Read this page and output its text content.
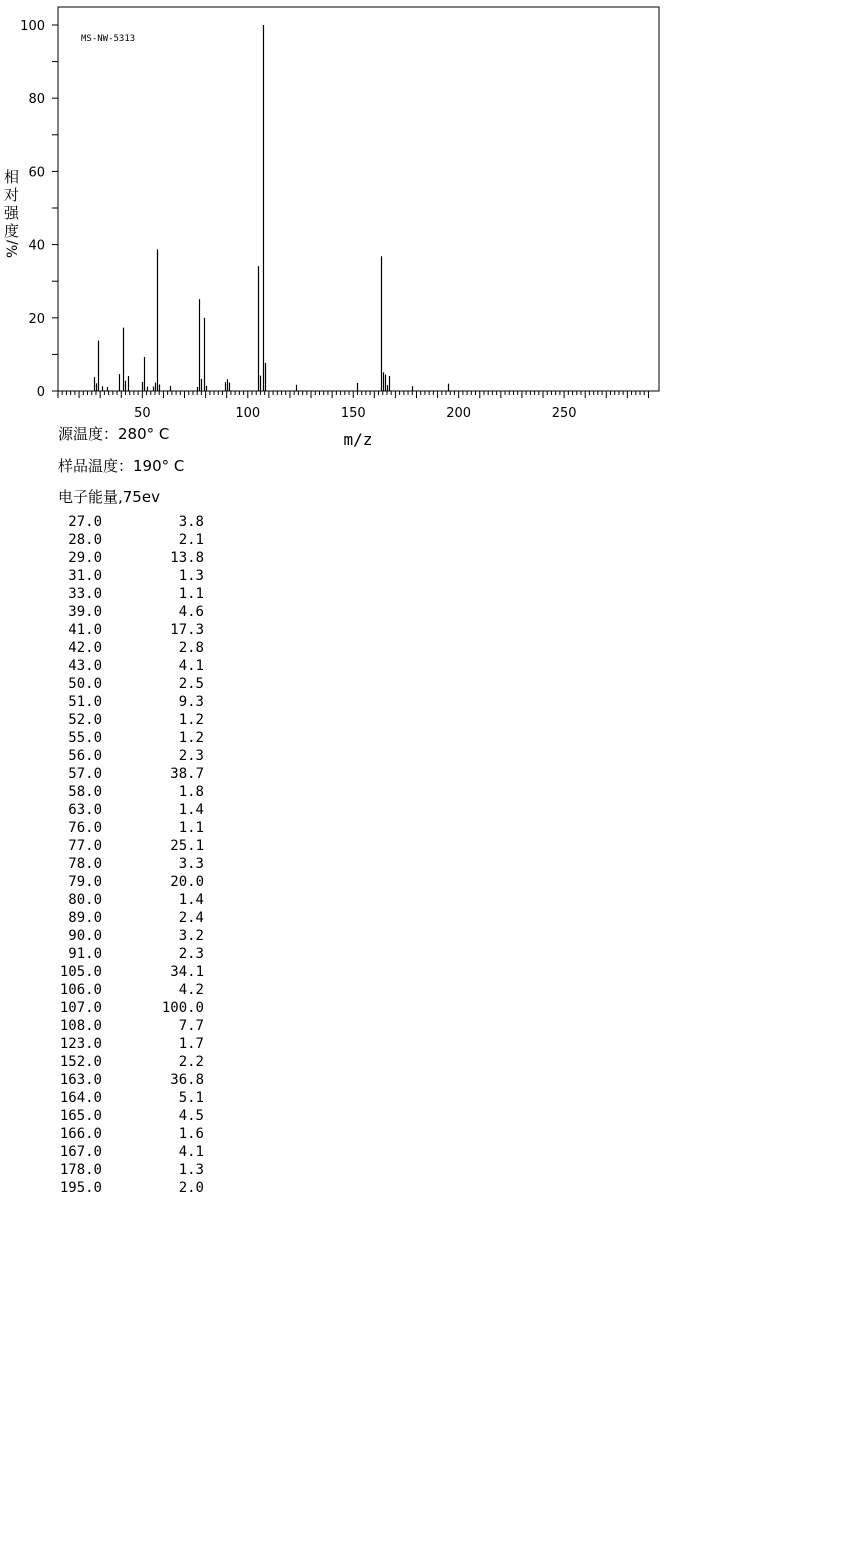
0
20
40
60
80
100
50	100	150	200	250
MS-NW-5313
m/z
相
对
强
度
%/
源温度：280° C
样品温度：190° C
电子能量,75ev
27.0	3.8
28.0	2.1
29.0	13.8
31.0	1.3
33.0	1.1
39.0	4.6
41.0	17.3
42.0	2.8
43.0	4.1
50.0	2.5
51.0	9.3
52.0	1.2
55.0	1.2
56.0	2.3
57.0	38.7
58.0	1.8
63.0	1.4
76.0	1.1
77.0	25.1
78.0	3.3
79.0	20.0
80.0	1.4
89.0	2.4
90.0	3.2
91.0	2.3
105.0	34.1
106.0	4.2
107.0	100.0
108.0	7.7
123.0	1.7
152.0	2.2
163.0	36.8
164.0	5.1
165.0	4.5
166.0	1.6
167.0	4.1
178.0	1.3
195.0	2.0
